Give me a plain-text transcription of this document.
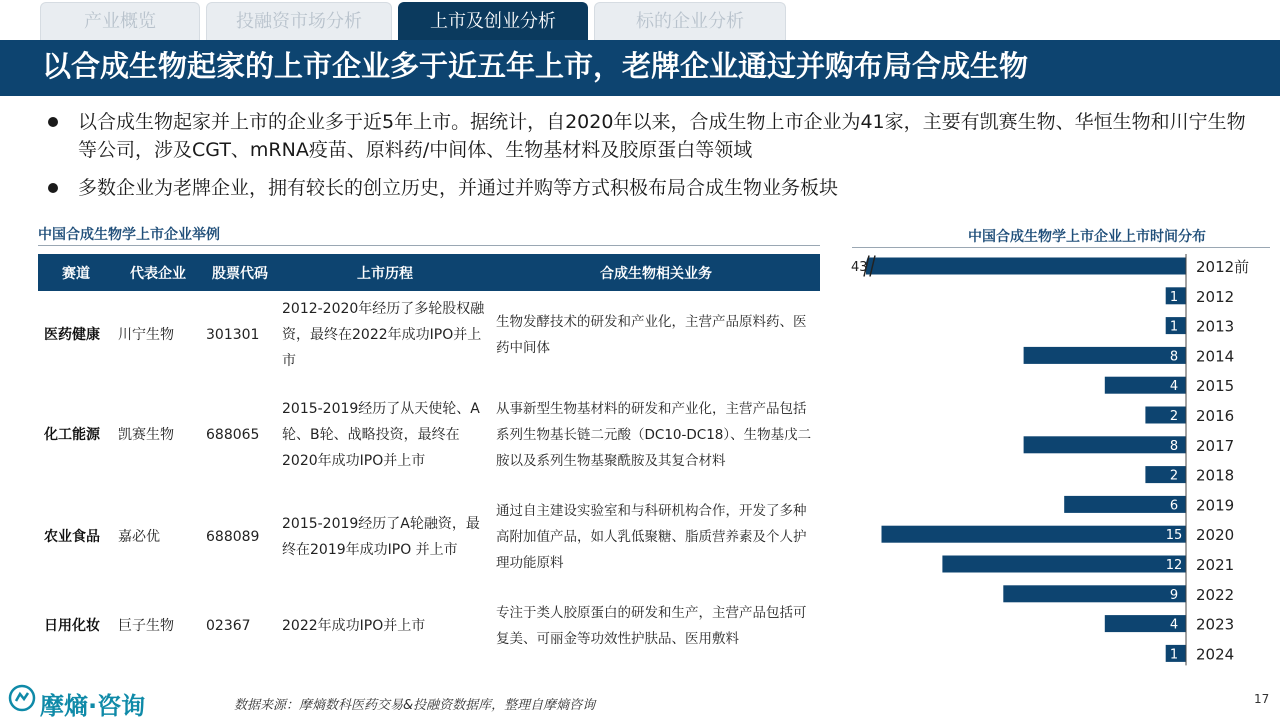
产业概览	投融资市场分析	上市及创业分析	标的企业分析
以合成生物起家的上市企业多于近五年上市，老牌企业通过并购布局合成生物
以合成生物起家并上市的企业多于近5年上市。据统计，自2020年以来，合成生物上市企业为41家，主要有凯赛生物、华恒生物和川宁生物等公司，涉及CGT、mRNA疫苗、原料药/中间体、生物基材料及胶原蛋白等领域
多数企业为老牌企业，拥有较长的创立历史，并通过并购等方式积极布局合成生物业务板块
中国合成生物学上市企业举例
赛道	代表企业	股票代码	上市历程	合成生物相关业务
医药健康	川宁生物	301301	2012-2020年经历了多轮股权融资，最终在2022年成功IPO并上市	生物发酵技术的研发和产业化，主营产品原料药、医药中间体
化工能源	凯赛生物	688065	2015-2019经历了从天使轮、A轮、B轮、战略投资，最终在2020年成功IPO并上市	从事新型生物基材料的研发和产业化，主营产品包括系列生物基长链二元酸（DC10-DC18）、生物基戊二胺以及系列生物基聚酰胺及其复合材料
农业食品	嘉必优	688089	2015-2019经历了A轮融资，最终在2019年成功IPO 并上市	通过自主建设实验室和与科研机构合作，开发了多种高附加值产品，如人乳低聚糖、脂质营养素及个人护理功能原料
日用化妆	巨子生物	02367	2022年成功IPO并上市	专注于类人胶原蛋白的研发和生产，主营产品包括可复美、可丽金等功效性护肤品、医用敷料
中国合成生物学上市企业上市时间分布
43	2012前
1 2012
1 2013
8 2014
4 2015
2 2016
8 2017
2 2018
6 2019
15 2020
12 2021
9 2022
4 2023
1 2024
摩熵·咨询	数据来源：摩熵数科医药交易&投融资数据库，整理自摩熵咨询	17
